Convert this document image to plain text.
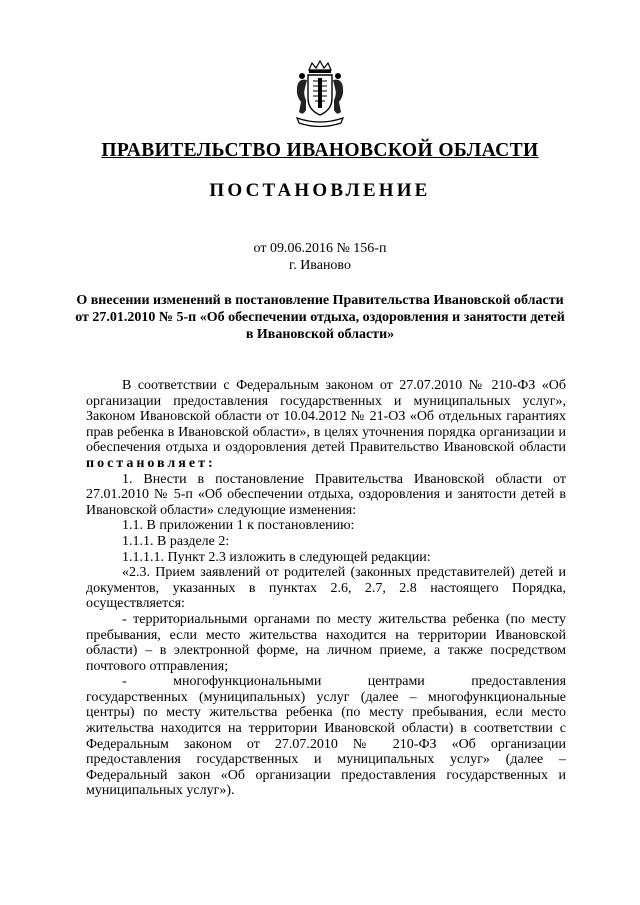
ПРАВИТЕЛЬСТВО ИВАНОВСКОЙ ОБЛАСТИ
ПОСТАНОВЛЕНИЕ
от 09.06.2016 № 156-п
г. Иваново
О внесении изменений в постановление Правительства Ивановской области от 27.01.2010 № 5-п «Об обеспечении отдыха, оздоровления и занятости детей в Ивановской области»

В соответствии с Федеральным законом от 27.07.2010 № 210-ФЗ «Об организации предоставления государственных и муниципальных услуг», Законом Ивановской области от 10.04.2012 № 21-ОЗ «Об отдельных гарантиях прав ребенка в Ивановской области», в целях уточнения порядка организации и обеспечения отдыха и оздоровления детей Правительство Ивановской области постановляет:

1. Внести в постановление Правительства Ивановской области от 27.01.2010 № 5-п «Об обеспечении отдыха, оздоровления и занятости детей в Ивановской области» следующие изменения:

1.1. В приложении 1 к постановлению:

1.1.1. В разделе 2:

1.1.1.1. Пункт 2.3 изложить в следующей редакции:

«2.3. Прием заявлений от родителей (законных представителей) детей и документов, указанных в пунктах 2.6, 2.7, 2.8 настоящего Порядка, осуществляется:

- территориальными органами по месту жительства ребенка (по месту пребывания, если место жительства находится на территории Ивановской области) – в электронной форме, на личном приеме, а также посредством почтового отправления;

-	многофункциональными	центрами	предоставления

государственных (муниципальных) услуг (далее – многофункциональные центры) по месту жительства ребенка (по месту пребывания, если место жительства находится на территории Ивановской области) в соответствии с Федеральным законом от 27.07.2010 № 210-ФЗ «Об организации предоставления государственных и муниципальных услуг» (далее – Федеральный закон «Об организации предоставления государственных и муниципальных услуг»).
